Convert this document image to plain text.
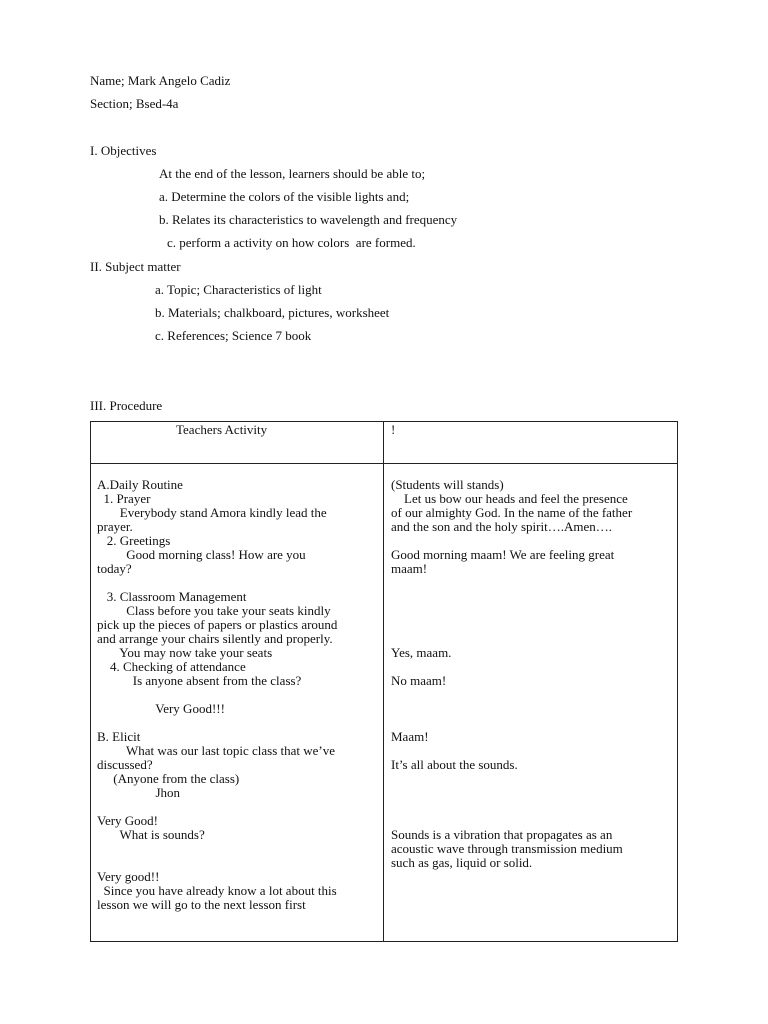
Name; Mark Angelo Cadiz
Section; Bsed-4a
I. Objectives
At the end of the lesson, learners should be able to;
a. Determine the colors of the visible lights and;
b. Relates its characteristics to wavelength and frequency
c. perform a activity on how colors  are formed.
II. Subject matter
a. Topic; Characteristics of light
b. Materials; chalkboard, pictures, worksheet
c. References; Science 7 book
III. Procedure
Teachers Activity	!
A.Daily Routine
1. Prayer
Everybody stand Amora kindly lead the
prayer.
2. Greetings
Good morning class! How are you
today?
3. Classroom Management
Class before you take your seats kindly
pick up the pieces of papers or plastics around
and arrange your chairs silently and properly.
You may now take your seats
4. Checking of attendance
Is anyone absent from the class?
Very Good!!!
B. Elicit
What was our last topic class that we’ve
discussed?
(Anyone from the class)
Jhon
Very Good!
What is sounds?
Very good!!
Since you have already know a lot about this
lesson we will go to the next lesson first
(Students will stands)
Let us bow our heads and feel the presence
of our almighty God. In the name of the father
and the son and the holy spirit….Amen….
Good morning maam! We are feeling great
maam!
Yes, maam.
No maam!
Maam!
It’s all about the sounds.
Sounds is a vibration that propagates as an
acoustic wave through transmission medium
such as gas, liquid or solid.
